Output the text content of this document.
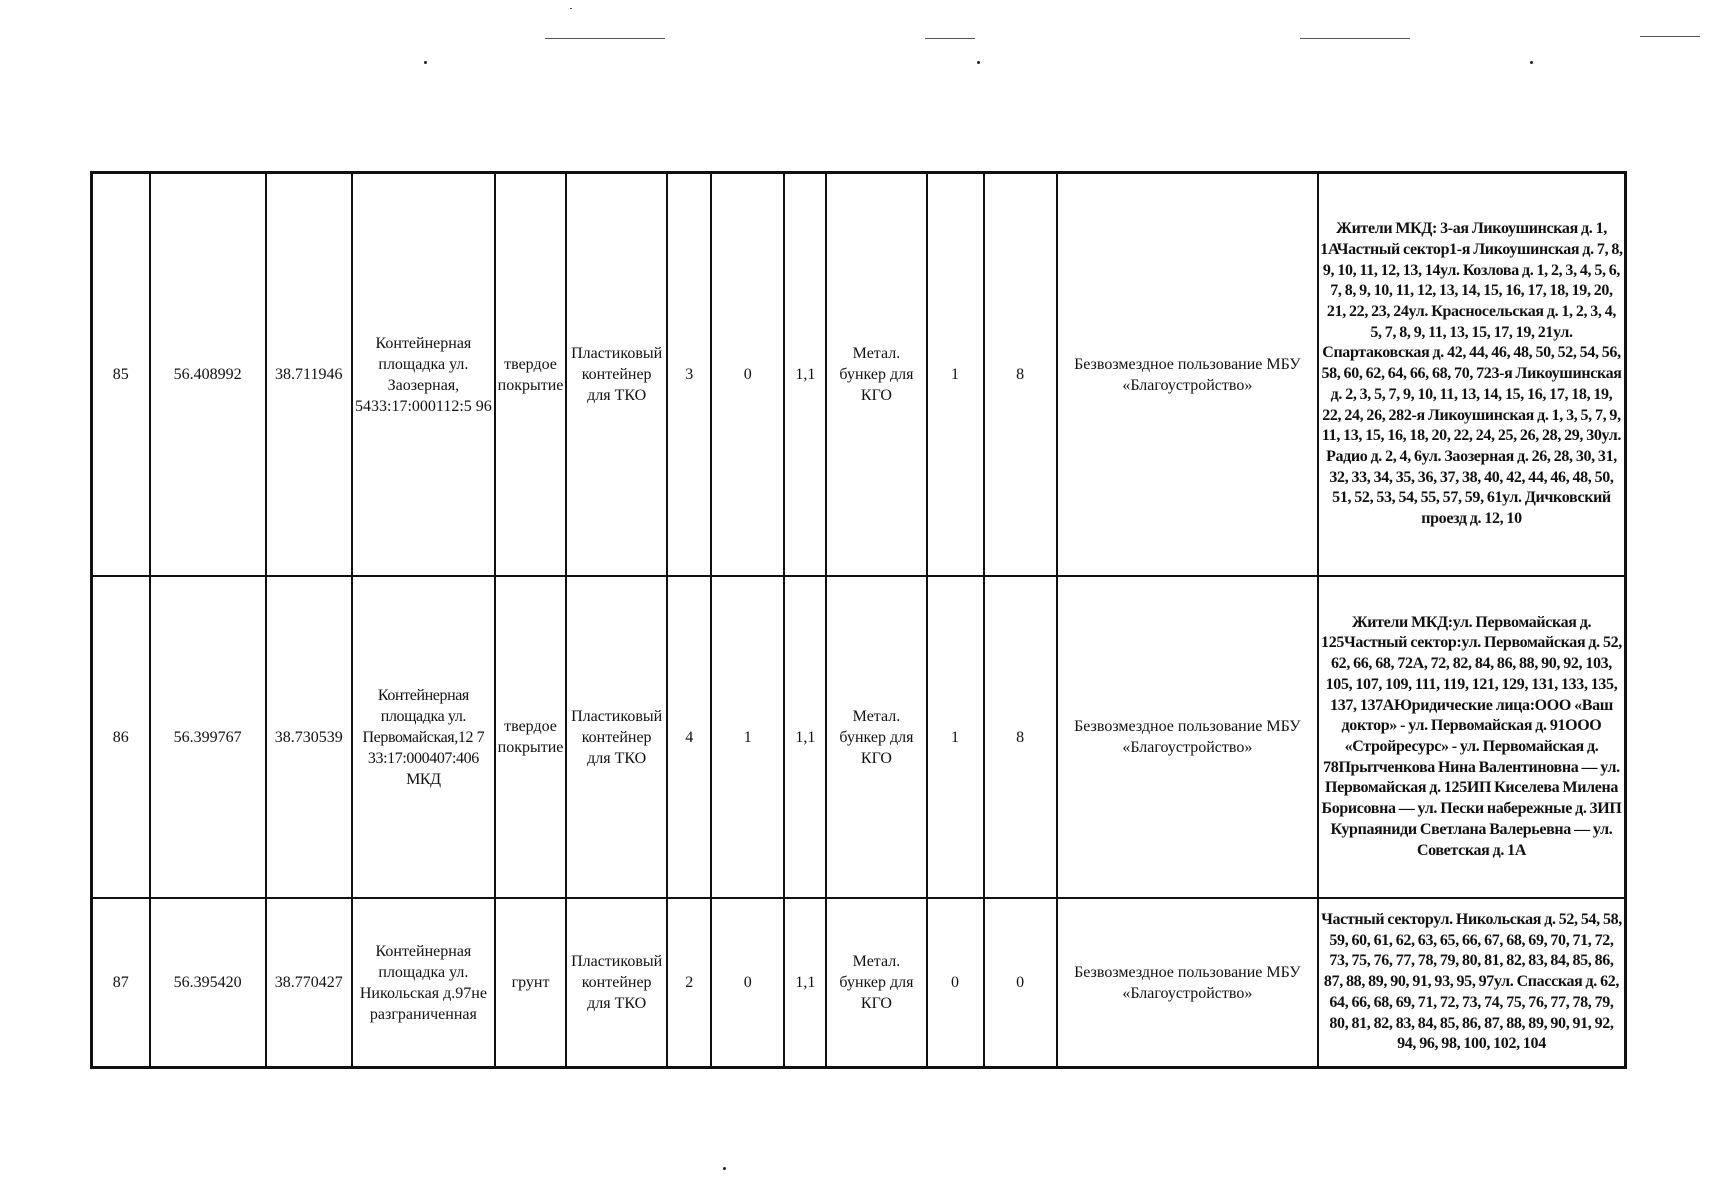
85	56.408992	38.711946	Контейнерная площадка ул. Заозерная, 5433:17:000112:5 96	твердое покрытие	Пластиковый контейнер для ТКО	3	0	1,1	Метал. бункер для КГО	1	8	Безвозмездное пользование МБУ «Благоустройство»	Жители МКД: 3-ая Ликоушинская д. 1, 1АЧастный сектор1-я Ликоушинская д. 7, 8, 9, 10, 11, 12, 13, 14ул. Козлова д. 1, 2, 3, 4, 5, 6, 7, 8, 9, 10, 11, 12, 13, 14, 15, 16, 17, 18, 19, 20, 21, 22, 23, 24ул. Красносельская д. 1, 2, 3, 4, 5, 7, 8, 9, 11, 13, 15, 17, 19, 21ул. Спартаковская д. 42, 44, 46, 48, 50, 52, 54, 56, 58, 60, 62, 64, 66, 68, 70, 723-я Ликоушинская д. 2, 3, 5, 7, 9, 10, 11, 13, 14, 15, 16, 17, 18, 19, 22, 24, 26, 282-я Ликоушинская д. 1, 3, 5, 7, 9, 11, 13, 15, 16, 18, 20, 22, 24, 25, 26, 28, 29, 30ул. Радио д. 2, 4, 6ул. Заозерная д. 26, 28, 30, 31, 32, 33, 34, 35, 36, 37, 38, 40, 42, 44, 46, 48, 50, 51, 52, 53, 54, 55, 57, 59, 61ул. Дичковский проезд д. 12, 10
86	56.399767	38.730539	Контейнерная площадка ул. Первомайская,12 7 33:17:000407:406 МКД	твердое покрытие	Пластиковый контейнер для ТКО	4	1	1,1	Метал. бункер для КГО	1	8	Безвозмездное пользование МБУ «Благоустройство»	Жители МКД:ул. Первомайская д. 125Частный сектор:ул. Первомайская д. 52, 62, 66, 68, 72А, 72, 82, 84, 86, 88, 90, 92, 103, 105, 107, 109, 111, 119, 121, 129, 131, 133, 135, 137, 137АЮридические лица:ООО «Ваш доктор» - ул. Первомайская д. 91ООО «Стройресурс» - ул. Первомайская д. 78Прытченкова Нина Валентиновна — ул. Первомайская д. 125ИП Киселева Милена Борисовна — ул. Пески набережные д. 3ИП Курпаяниди Светлана Валерьевна — ул. Советская д. 1А
87	56.395420	38.770427	Контейнерная площадка ул. Никольская д.97не разграниченная	грунт	Пластиковый контейнер для ТКО	2	0	1,1	Метал. бункер для КГО	0	0	Безвозмездное пользование МБУ «Благоустройство»	Частный секторул. Никольская д. 52, 54, 58, 59, 60, 61, 62, 63, 65, 66, 67, 68, 69, 70, 71, 72, 73, 75, 76, 77, 78, 79, 80, 81, 82, 83, 84, 85, 86, 87, 88, 89, 90, 91, 93, 95, 97ул. Спасская д. 62, 64, 66, 68, 69, 71, 72, 73, 74, 75, 76, 77, 78, 79, 80, 81, 82, 83, 84, 85, 86, 87, 88, 89, 90, 91, 92, 94, 96, 98, 100, 102, 104
